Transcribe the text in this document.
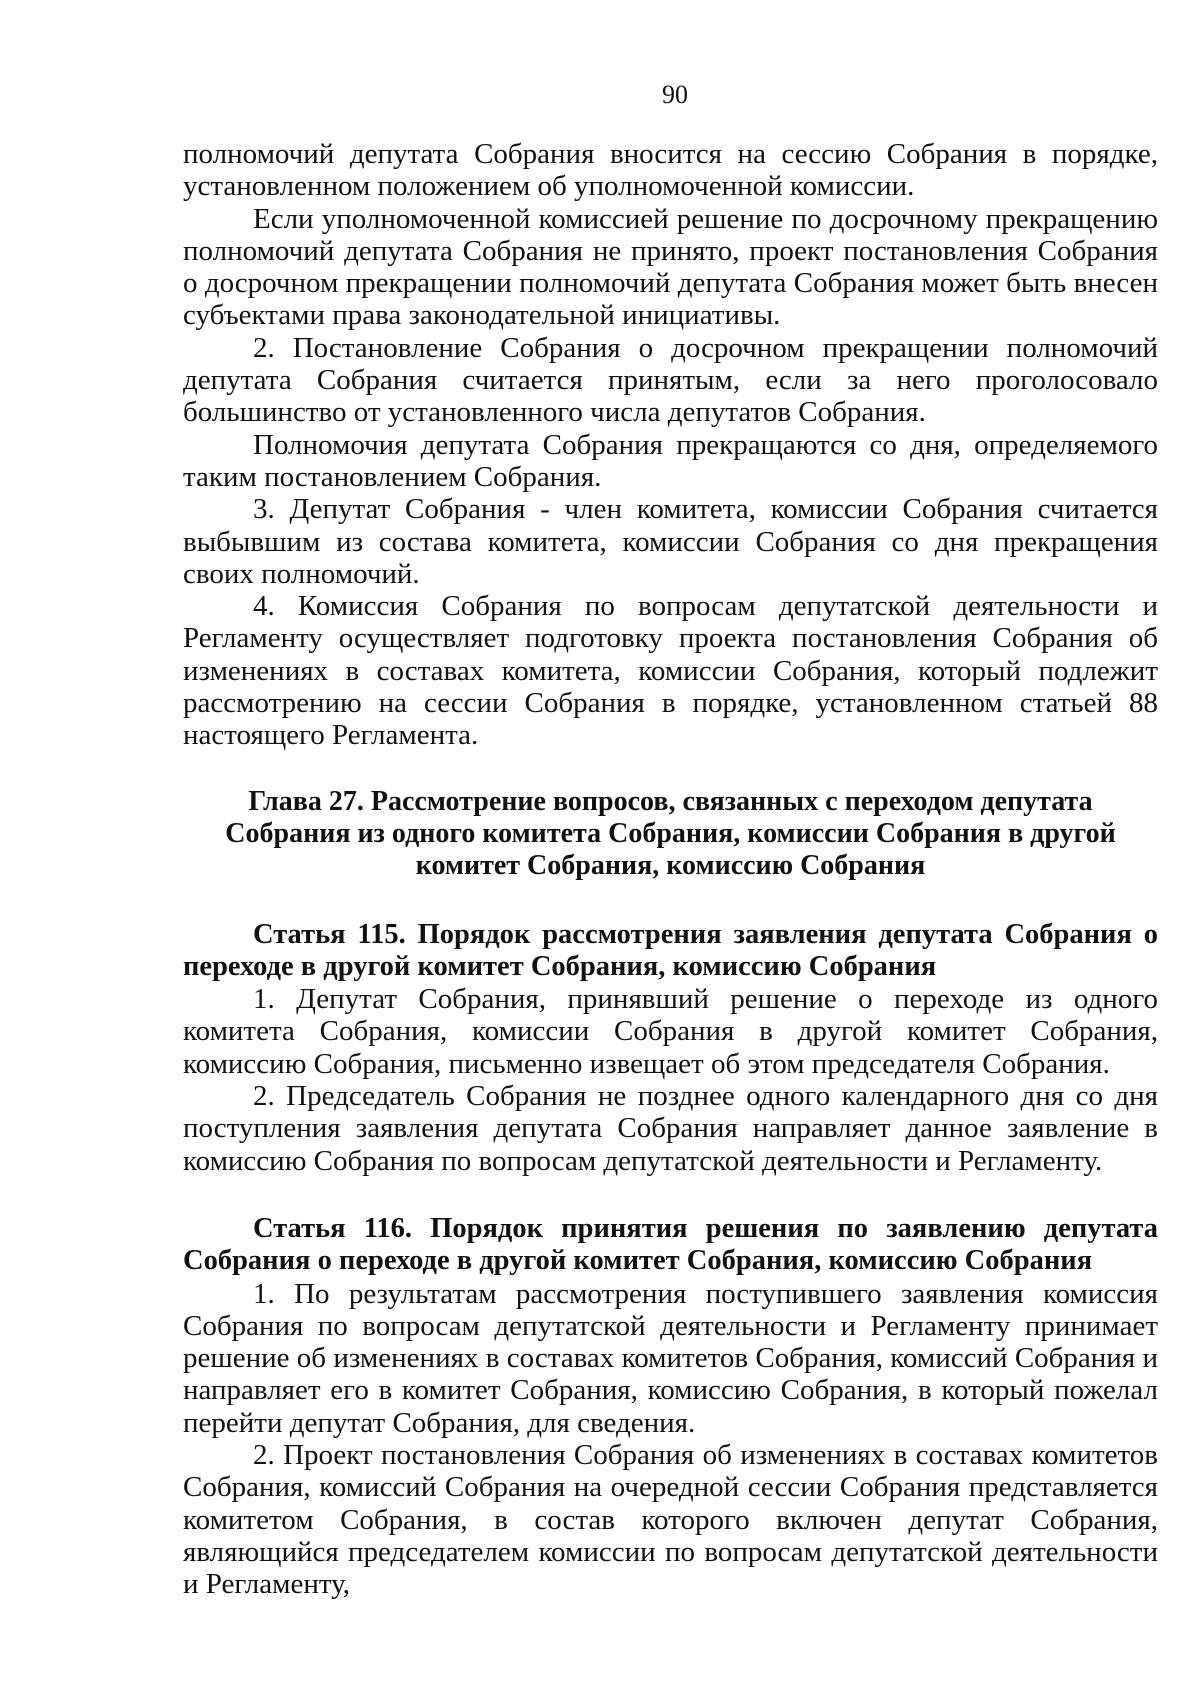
90

полномочий депутата Собрания вносится на сессию Собрания в порядке, установленном положением об уполномоченной комиссии.

Если уполномоченной комиссией решение по досрочному прекращению полномочий депутата Собрания не принято, проект постановления Собрания о досрочном прекращении полномочий депутата Собрания может быть внесен субъектами права законодательной инициативы.

2. Постановление Собрания о досрочном прекращении полномочий депутата Собрания считается принятым, если за него проголосовало большинство от установленного числа депутатов Собрания.

Полномочия депутата Собрания прекращаются со дня, определяемого таким постановлением Собрания.

3. Депутат Собрания - член комитета, комиссии Собрания считается выбывшим из состава комитета, комиссии Собрания со дня прекращения своих полномочий.

4. Комиссия Собрания по вопросам депутатской деятельности и Регламенту осуществляет подготовку проекта постановления Собрания об изменениях в составах комитета, комиссии Собрания, который подлежит рассмотрению на сессии Собрания в порядке, установленном статьей 88 настоящего Регламента.

Глава 27. Рассмотрение вопросов, связанных с переходом депутата
Собрания из одного комитета Собрания, комиссии Собрания в другой
комитет Собрания, комиссию Собрания

Статья 115. Порядок рассмотрения заявления депутата Собрания о переходе в другой комитет Собрания, комиссию Собрания

1. Депутат Собрания, принявший решение о переходе из одного комитета Собрания, комиссии Собрания в другой комитет Собрания, комиссию Собрания, письменно извещает об этом председателя Собрания.

2. Председатель Собрания не позднее одного календарного дня со дня поступления заявления депутата Собрания направляет данное заявление в комиссию Собрания по вопросам депутатской деятельности и Регламенту.

Статья 116. Порядок принятия решения по заявлению депутата Собрания о переходе в другой комитет Собрания, комиссию Собрания

1. По результатам рассмотрения поступившего заявления комиссия Собрания по вопросам депутатской деятельности и Регламенту принимает решение об изменениях в составах комитетов Собрания, комиссий Собрания и направляет его в комитет Собрания, комиссию Собрания, в который пожелал перейти депутат Собрания, для сведения.

2. Проект постановления Собрания об изменениях в составах комитетов Собрания, комиссий Собрания на очередной сессии Собрания представляется комитетом Собрания, в состав которого включен депутат Собрания, являющийся председателем комиссии по вопросам депутатской деятельности и Регламенту,
